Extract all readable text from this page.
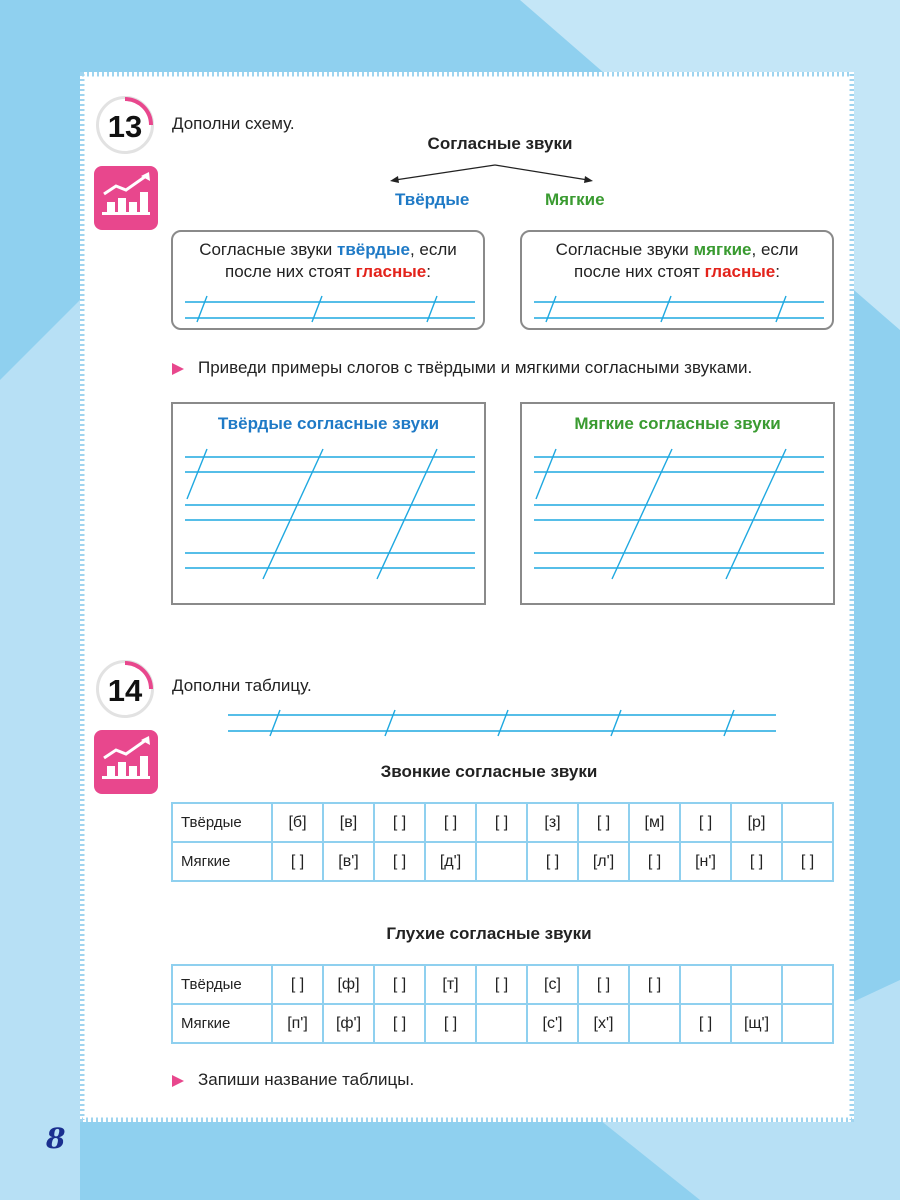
13	Дополни схему.
Согласные звуки
Твёрдые	Мягкие
Согласные звуки твёрдые, если
после них стоят гласные:
Согласные звуки мягкие, если
после них стоят гласные:
Приведи примеры слогов с твёрдыми и мягкими согласными звуками.
Твёрдые согласные звуки	Мягкие согласные звуки
14	Дополни таблицу.
Звонкие согласные звуки
Твёрдые	[б]	[в]	[ ]	[ ]	[ ]	[з]	[ ]	[м]	[ ]	[р]	
Мягкие	[ ]	[в']	[ ]	[д']		[ ]	[л']	[ ]	[н']	[ ]	[ ]
Глухие согласные звуки
Твёрдые	[ ]	[ф]	[ ]	[т]	[ ]	[с]	[ ]	[ ]			
Мягкие	[п']	[ф']	[ ]	[ ]		[с']	[х']		[ ]	[щ']	
Запиши название таблицы.
8
